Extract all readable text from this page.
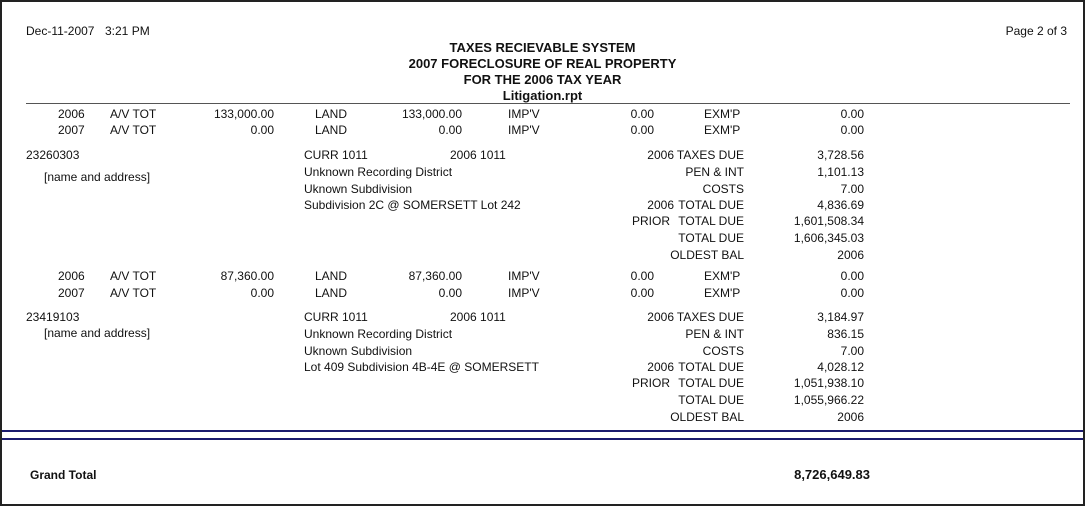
Dec-11-2007 3:21 PM	Page 2 of 3
TAXES RECIEVABLE SYSTEM
2007 FORECLOSURE OF REAL PROPERTY
FOR THE 2006 TAX YEAR
Litigation.rpt
2006 A/V TOT	133,000.00	LAND	133,000.00	IMP'V	0.00	EXM'P	0.00
2007 A/V TOT	0.00	LAND	0.00	IMP'V	0.00	EXM'P	0.00
23260303
[name and address]
CURR 1011	2006 1011
Unknown Recording District
Uknown Subdivision
Subdivision 2C @ SOMERSETT Lot 242
2006 TAXES DUE	3,728.56
PEN & INT	1,101.13
COSTS	7.00
2006 TOTAL DUE	4,836.69
PRIOR TOTAL DUE	1,601,508.34
TOTAL DUE	1,606,345.03
OLDEST BAL	2006
2006 A/V TOT	87,360.00	LAND	87,360.00	IMP'V	0.00	EXM'P	0.00
2007 A/V TOT	0.00	LAND	0.00	IMP'V	0.00	EXM'P	0.00
23419103
[name and address]
CURR 1011	2006 1011
Unknown Recording District
Uknown Subdivision
Lot 409 Subdivision 4B-4E @ SOMERSETT
2006 TAXES DUE	3,184.97
PEN & INT	836.15
COSTS	7.00
2006 TOTAL DUE	4,028.12
PRIOR TOTAL DUE	1,051,938.10
TOTAL DUE	1,055,966.22
OLDEST BAL	2006
Grand Total	8,726,649.83
